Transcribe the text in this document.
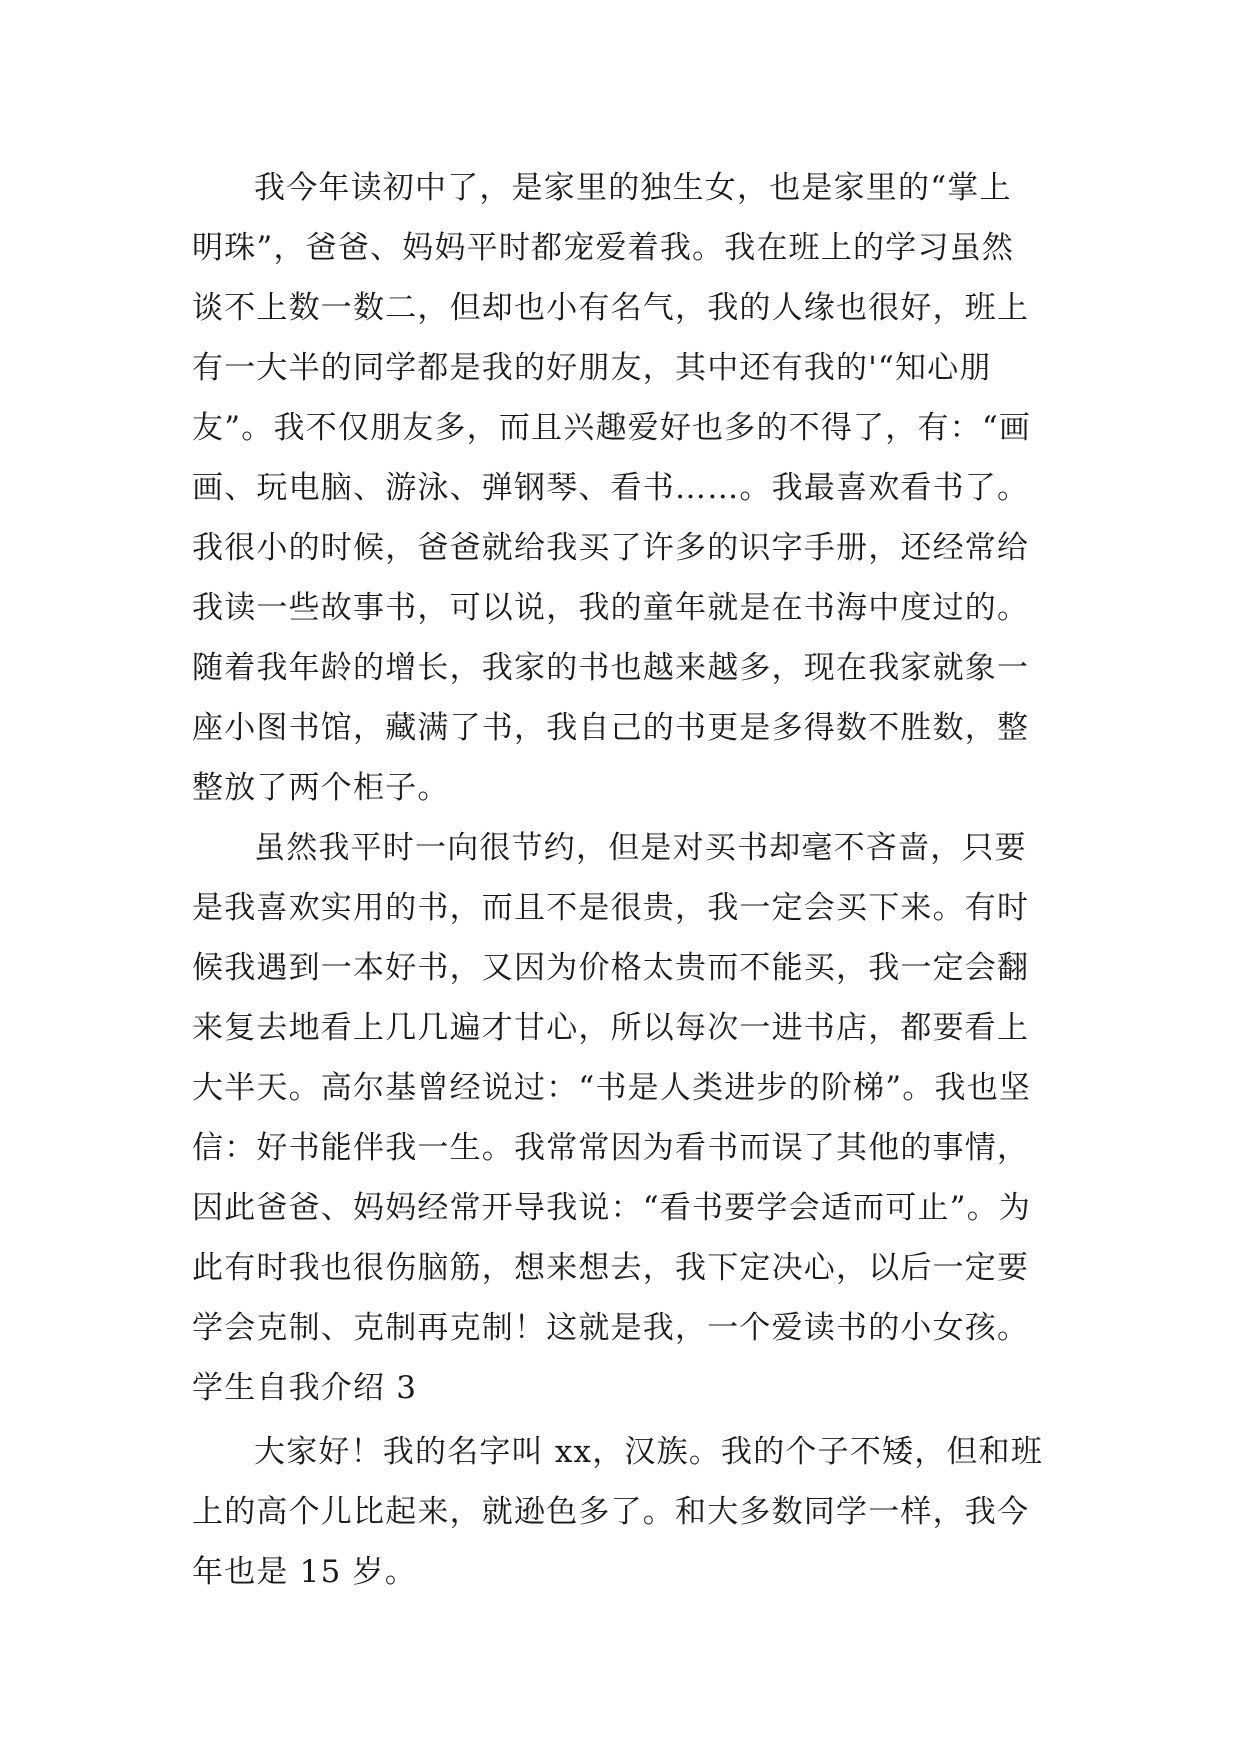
我今年读初中了，是家里的独生女，也是家里的“掌上
明珠”，爸爸、妈妈平时都宠爱着我。我在班上的学习虽然
谈不上数一数二，但却也小有名气，我的人缘也很好，班上
有一大半的同学都是我的好朋友，其中还有我的'“知心朋
友”。我不仅朋友多，而且兴趣爱好也多的不得了，有：“画
画、玩电脑、游泳、弹钢琴、看书……。我最喜欢看书了。
我很小的时候，爸爸就给我买了许多的识字手册，还经常给
我读一些故事书，可以说，我的童年就是在书海中度过的。
随着我年龄的增长，我家的书也越来越多，现在我家就象一
座小图书馆，藏满了书，我自己的书更是多得数不胜数，整
整放了两个柜子。

虽然我平时一向很节约，但是对买书却毫不吝啬，只要
是我喜欢实用的书，而且不是很贵，我一定会买下来。有时
候我遇到一本好书，又因为价格太贵而不能买，我一定会翻
来复去地看上几几遍才甘心，所以每次一进书店，都要看上
大半天。高尔基曾经说过：“书是人类进步的阶梯”。我也坚
信：好书能伴我一生。我常常因为看书而误了其他的事情，
因此爸爸、妈妈经常开导我说：“看书要学会适而可止”。为
此有时我也很伤脑筋，想来想去，我下定决心，以后一定要
学会克制、克制再克制！这就是我，一个爱读书的小女孩。

学生自我介绍 3

大家好！我的名字叫 xx，汉族。我的个子不矮，但和班
上的高个儿比起来，就逊色多了。和大多数同学一样，我今
年也是 15 岁。
